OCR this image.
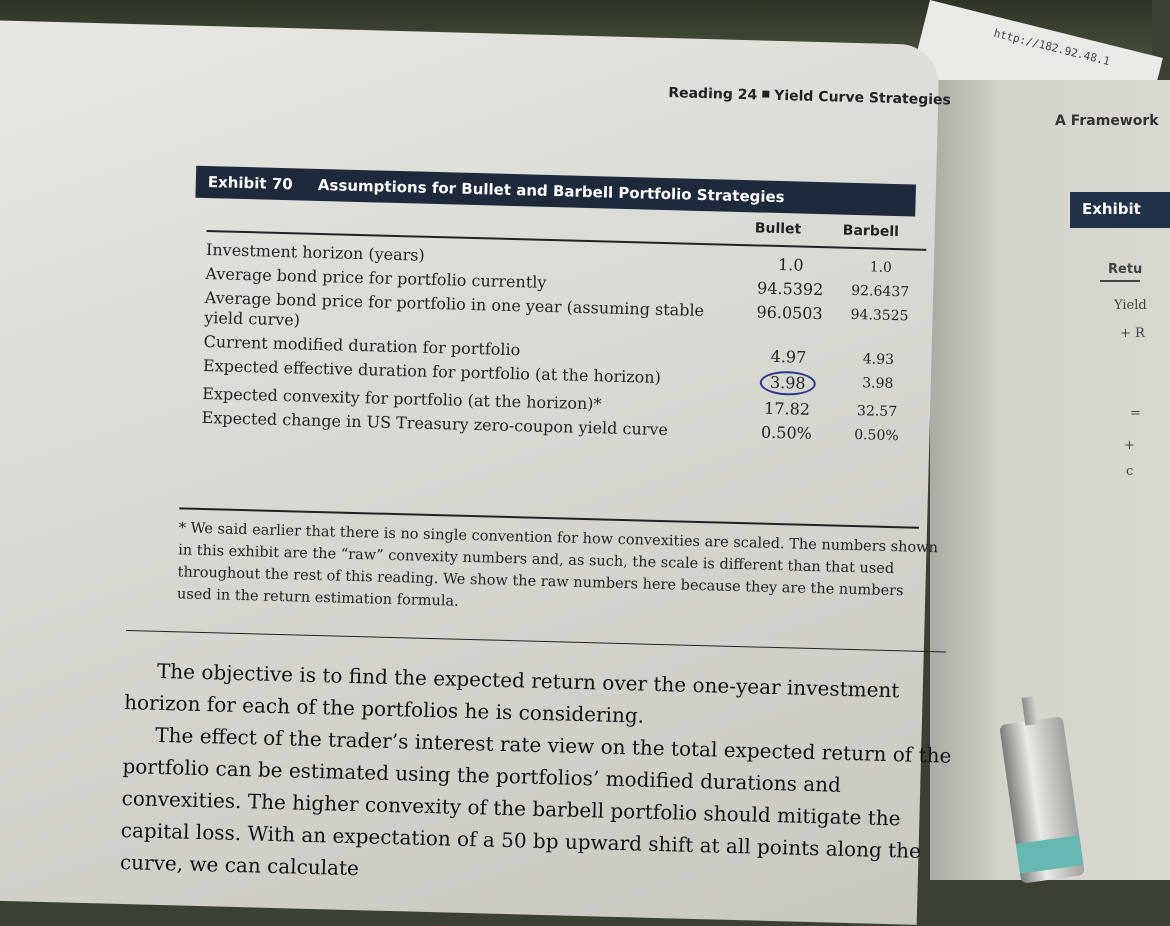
http://182.92.48.1
A Framework
Exhibit
Retu
Yield
+ R
=
+
c
Reading 24 Yield Curve Strategies
Exhibit 70 Assumptions for Bullet and Barbell Portfolio Strategies
Bullet	Barbell
Investment horizon (years)	1.0	1.0
Average bond price for portfolio currently	94.5392	92.6437
Average bond price for portfolio in one year (assuming stable yield curve)	96.0503	94.3525
Current modified duration for portfolio	4.97	4.93
Expected effective duration for portfolio (at the horizon)	3.98	3.98
Expected convexity for portfolio (at the horizon)*	17.82	32.57
Expected change in US Treasury zero-coupon yield curve	0.50%	0.50%
* We said earlier that there is no single convention for how convexities are scaled. The numbers shown in this exhibit are the “raw” convexity numbers and, as such, the scale is different than that used throughout the rest of this reading. We show the raw numbers here because they are the numbers used in the return estimation formula.

The objective is to find the expected return over the one-year investment horizon for each of the portfolios he is considering.

The effect of the trader’s interest rate view on the total expected return of the portfolio can be estimated using the portfolios’ modified durations and convexities. The higher convexity of the barbell portfolio should mitigate the capital loss. With an expectation of a 50 bp upward shift at all points along the curve, we can calculate
